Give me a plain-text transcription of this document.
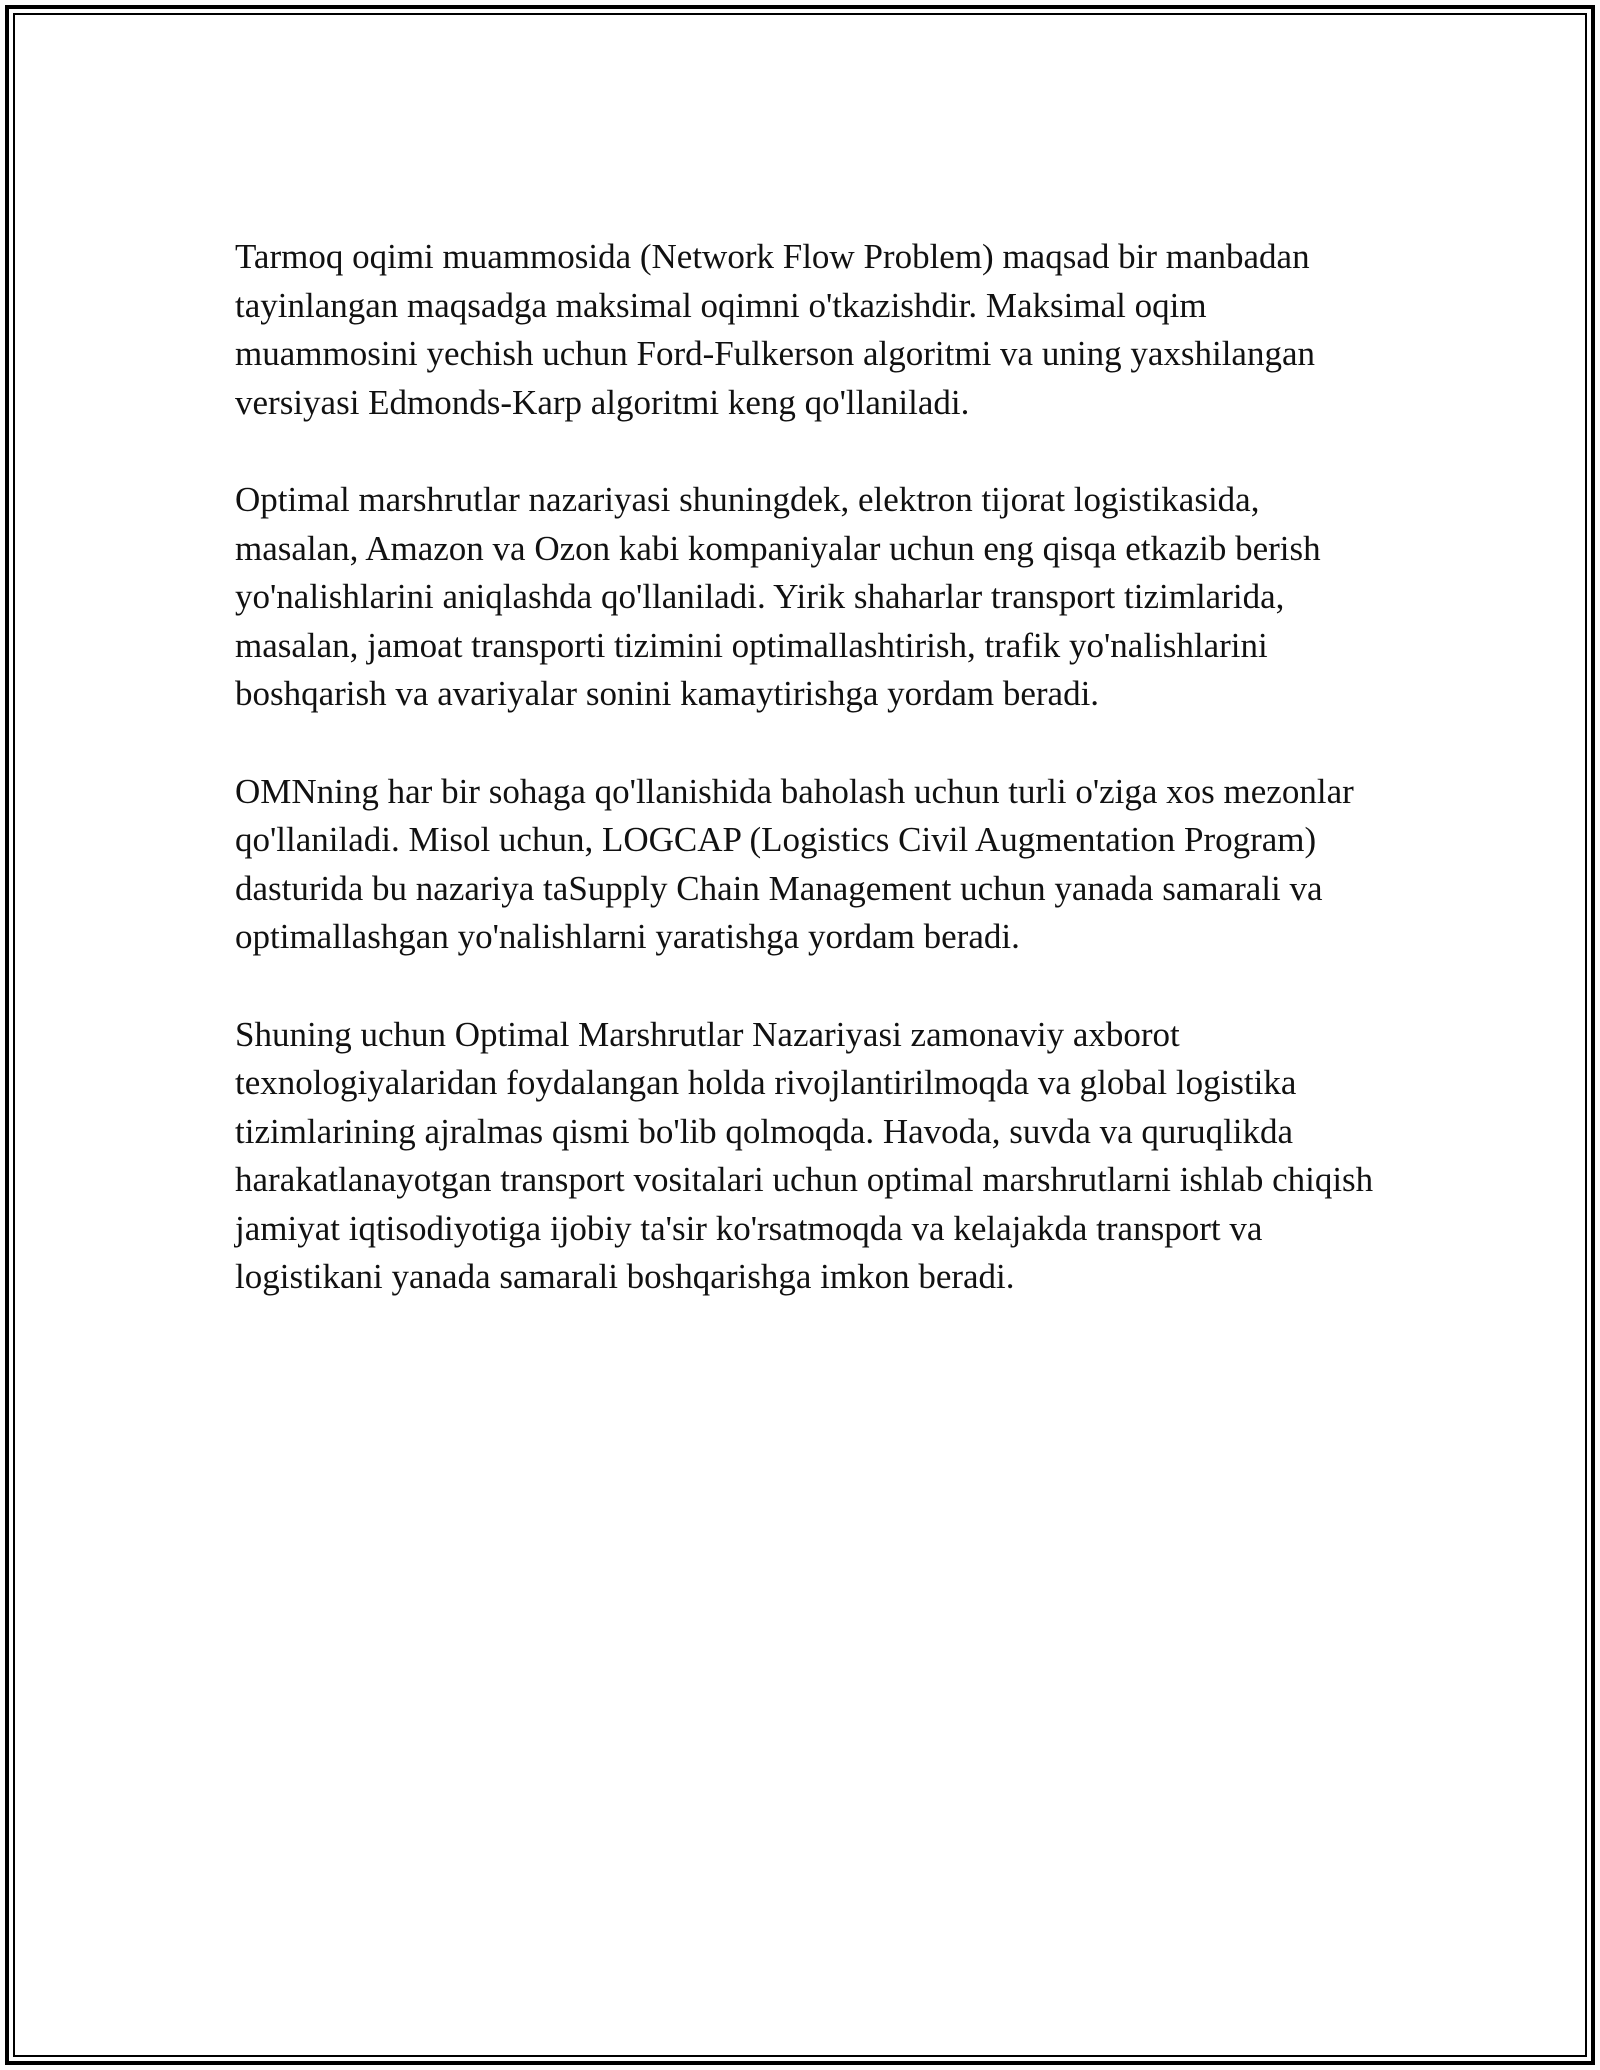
Tarmoq oqimi muammosida (Network Flow Problem) maqsad bir manbadan tayinlangan maqsadga maksimal oqimni o'tkazishdir. Maksimal oqim muammosini yechish uchun Ford-Fulkerson algoritmi va uning yaxshilangan versiyasi Edmonds-Karp algoritmi keng qo'llaniladi.

Optimal marshrutlar nazariyasi shuningdek, elektron tijorat logistikasida, masalan, Amazon va Ozon kabi kompaniyalar uchun eng qisqa etkazib berish yo'nalishlarini aniqlashda qo'llaniladi. Yirik shaharlar transport tizimlarida, masalan, jamoat transporti tizimini optimallashtirish, trafik yo'nalishlarini boshqarish va avariyalar sonini kamaytirishga yordam beradi.

OMNning har bir sohaga qo'llanishida baholash uchun turli o'ziga xos mezonlar qo'llaniladi. Misol uchun, LOGCAP (Logistics Civil Augmentation Program) dasturida bu nazariya taSupply Chain Management uchun yanada samarali va optimallashgan yo'nalishlarni yaratishga yordam beradi.

Shuning uchun Optimal Marshrutlar Nazariyasi zamonaviy axborot texnologiyalaridan foydalangan holda rivojlantirilmoqda va global logistika tizimlarining ajralmas qismi bo'lib qolmoqda. Havoda, suvda va quruqlikda harakatlanayotgan transport vositalari uchun optimal marshrutlarni ishlab chiqish jamiyat iqtisodiyotiga ijobiy ta'sir ko'rsatmoqda va kelajakda transport va logistikani yanada samarali boshqarishga imkon beradi.
